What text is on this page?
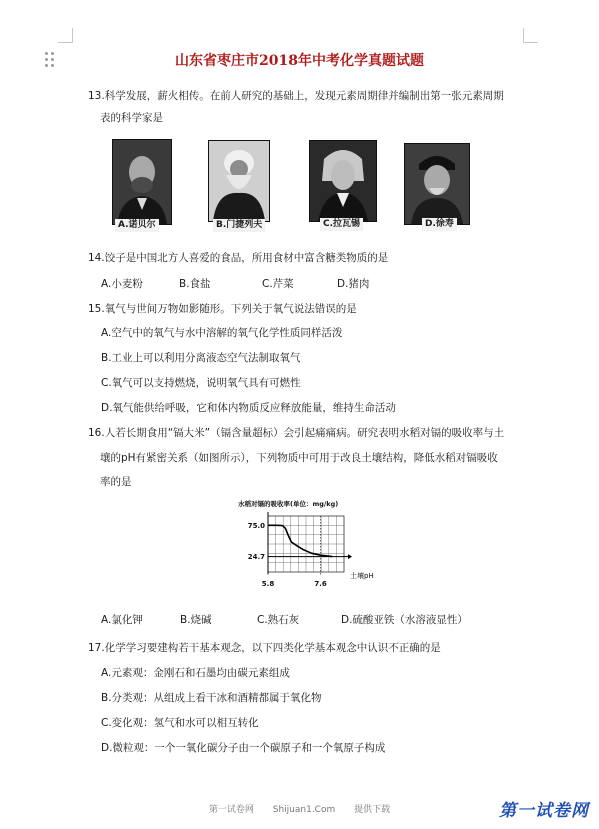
山东省枣庄市2018年中考化学真题试题
13.科学发展，薪火相传。在前人研究的基础上，发现元素周期律并编制出第一张元素周期
表的科学家是
A.诺贝尔	B.门捷列夫	C.拉瓦锡	D.徐寿
14.饺子是中国北方人喜爱的食品，所用食材中富含糖类物质的是
A.小麦粉	B.食盐	C.芹菜	D.猪肉
15.氧气与世间万物如影随形。下列关于氧气说法错误的是
A.空气中的氧气与水中溶解的氧气化学性质同样活泼
B.工业上可以利用分离液态空气法制取氧气
C.氧气可以支持燃烧，说明氧气具有可燃性
D.氧气能供给呼吸，它和体内物质反应释放能量，维持生命活动
16.人若长期食用“镉大米”（镉含量超标）会引起痛痛病。研究表明水稻对镉的吸收率与土
壤的pH有紧密关系（如图所示），下列物质中可用于改良土壤结构，降低水稻对镉吸收
率的是
水稻对镉的吸收率(单位：mg/kg)
75.0
24.7
5.8	7.6
土壤pH
A.氯化钾	B.烧碱	C.熟石灰	D.硫酸亚铁（水溶液显性）
17.化学学习要建构若干基本观念，以下四类化学基本观念中认识不正确的是
A.元素观：金刚石和石墨均由碳元素组成
B.分类观：从组成上看干冰和酒精都属于氧化物
C.变化观：氢气和水可以相互转化
D.微粒观：一个一氧化碳分子由一个碳原子和一个氧原子构成
第一试卷网 Shijuan1.Com 提供下载	第一试卷网
